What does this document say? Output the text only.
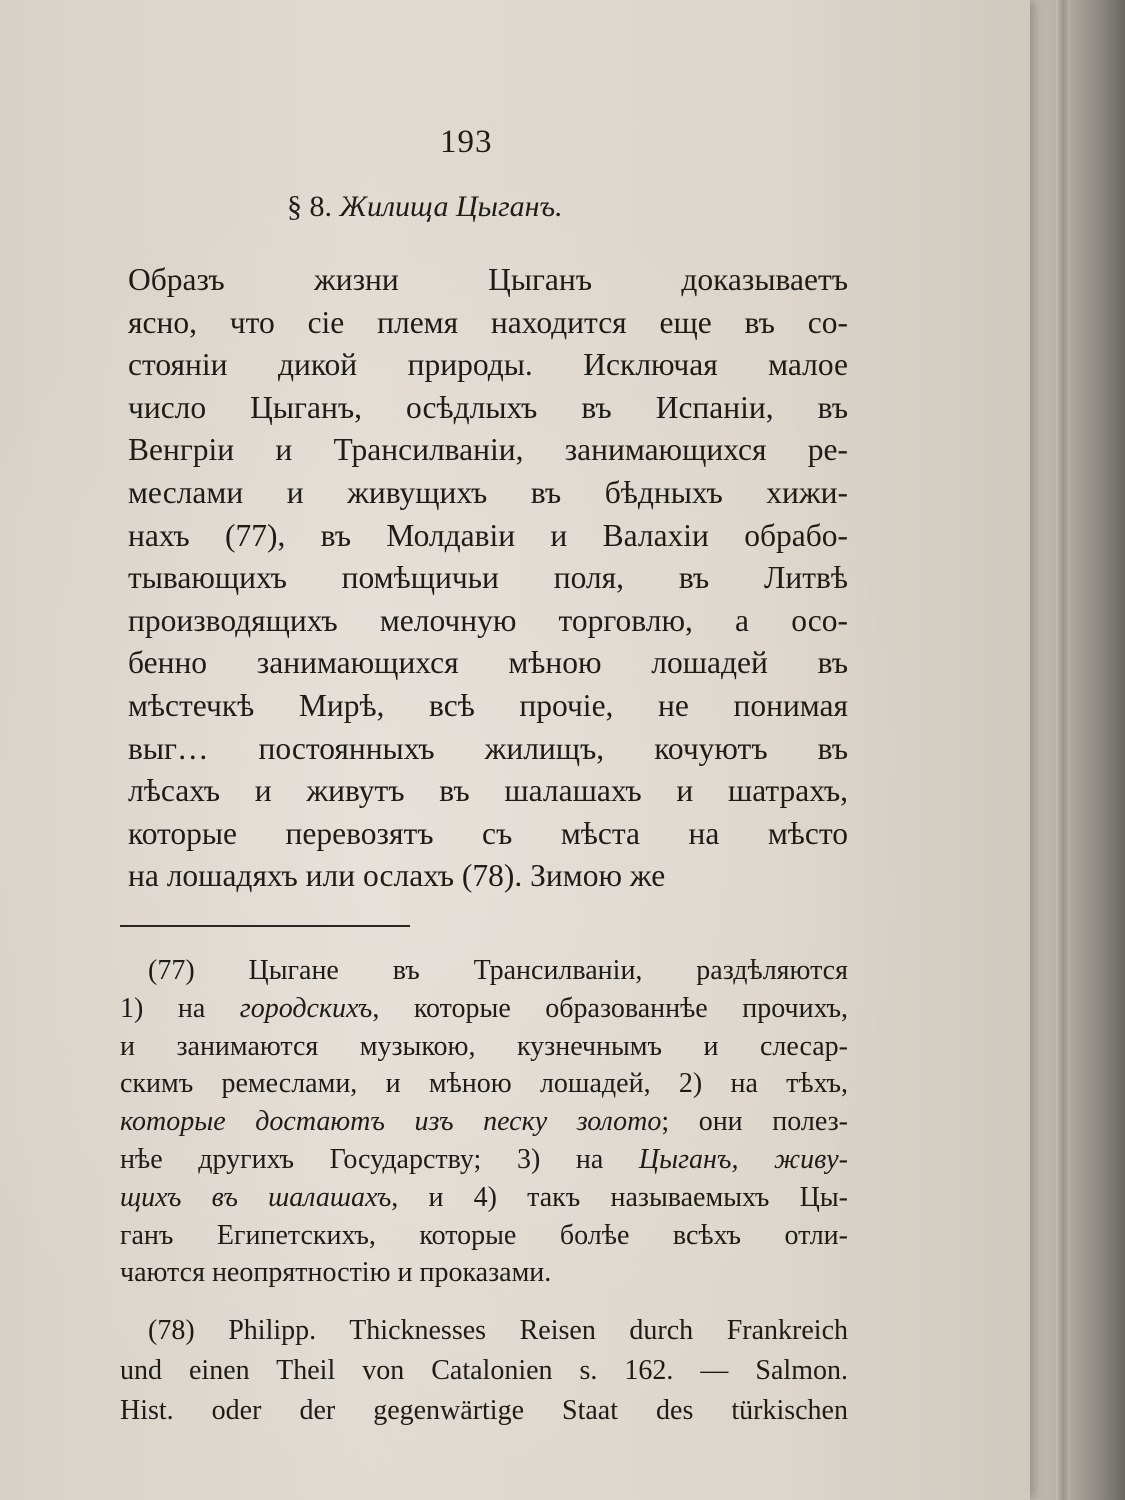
193
§ 8. Жилища Цыганъ.
Образъ жизни Цыганъ доказываетъ
ясно, что сіе племя находится еще въ со-
стояніи дикой природы. Исключая малое
число Цыганъ, осѣдлыхъ въ Испаніи, въ
Венгріи и Трансилваніи, занимающихся ре-
меслами и живущихъ въ бѣдныхъ хижи-
нахъ (77), въ Молдавіи и Валахіи обрабо-
тывающихъ помѣщичьи поля, въ Литвѣ
производящихъ мелочную торговлю, а осо-
бенно занимающихся мѣною лошадей въ
мѣстечкѣ Мирѣ, всѣ прочіе, не понимая
выг… постоянныхъ жилищъ, кочуютъ въ
лѣсахъ и живутъ въ шалашахъ и шатрахъ,
которые перевозятъ съ мѣста на мѣсто
на лошадяхъ или ослахъ (78). Зимою же
(77) Цыгане въ Трансилваніи, раздѣляются
1) на городскихъ, которые образованнѣе прочихъ,
и занимаются музыкою, кузнечнымъ и слесар-
скимъ ремеслами, и мѣною лошадей, 2) на тѣхъ,
которые достаютъ изъ песку золото; они полез-
нѣе другихъ Государству; 3) на Цыганъ, живу-
щихъ въ шалашахъ, и 4) такъ называемыхъ Цы-
ганъ Египетскихъ, которые болѣе всѣхъ отли-
чаются неопрятностію и проказами.
(78) Philipp. Thicknesses Reisen durch Frankreich
und einen Theil von Catalonien s. 162. — Salmon.
Hist. oder der gegenwärtige Staat des türkischen
